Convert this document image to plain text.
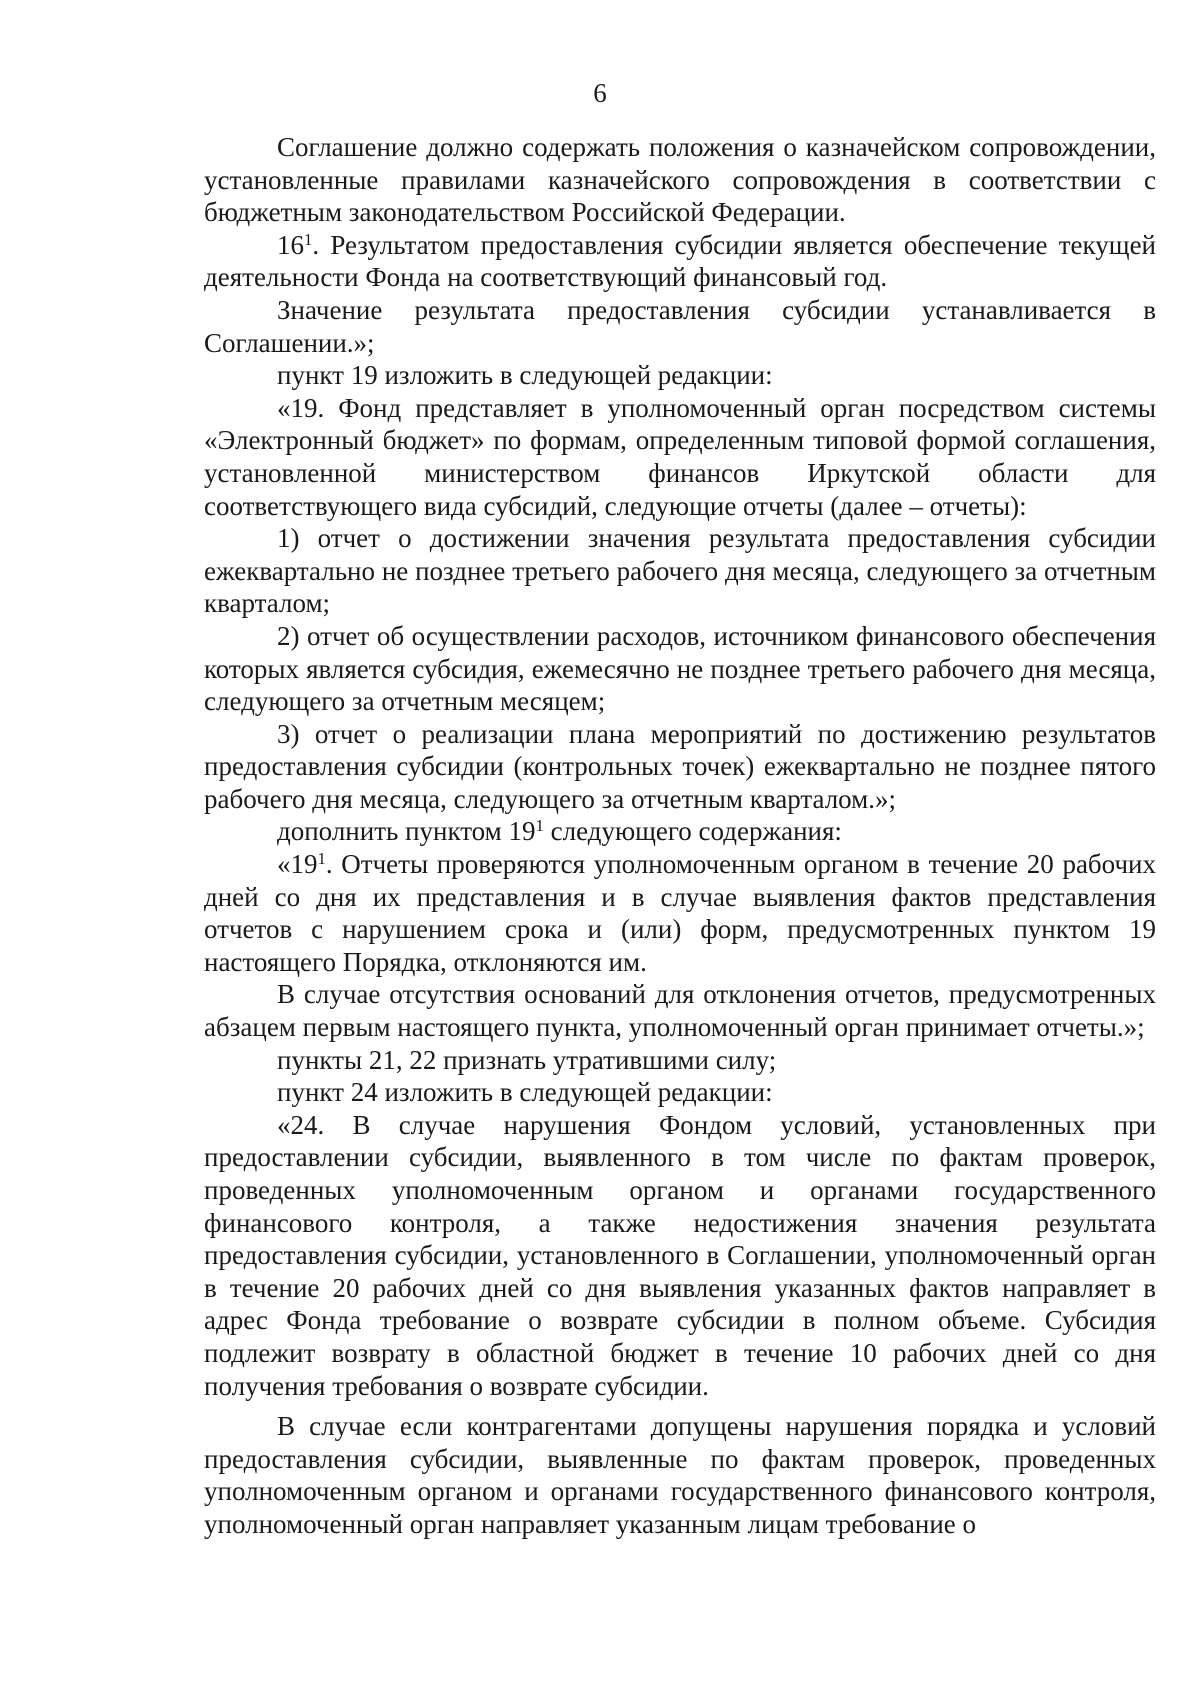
6

Соглашение должно содержать положения о казначейском сопровождении, установленные правилами казначейского сопровождения в соответствии с бюджетным законодательством Российской Федерации.

$16^1$. Результатом предоставления субсидии является обеспечение текущей деятельности Фонда на соответствующий финансовый год.

Значение результата предоставления субсидии устанавливается в Соглашении.»;

пункт 19 изложить в следующей редакции:

«19. Фонд представляет в уполномоченный орган посредством системы «Электронный бюджет» по формам, определенным типовой формой соглашения, установленной министерством финансов Иркутской области для соответствующего вида субсидий, следующие отчеты (далее – отчеты):

1) отчет о достижении значения результата предоставления субсидии ежеквартально не позднее третьего рабочего дня месяца, следующего за отчетным кварталом;

2) отчет об осуществлении расходов, источником финансового обеспечения которых является субсидия, ежемесячно не позднее третьего рабочего дня месяца, следующего за отчетным месяцем;

3) отчет о реализации плана мероприятий по достижению результатов предоставления субсидии (контрольных точек) ежеквартально не позднее пятого рабочего дня месяца, следующего за отчетным кварталом.»;

дополнить пунктом $19^1$ следующего содержания:

«$19^1$. Отчеты проверяются уполномоченным органом в течение 20 рабочих дней со дня их представления и в случае выявления фактов представления отчетов с нарушением срока и (или) форм, предусмотренных пунктом 19 настоящего Порядка, отклоняются им.

В случае отсутствия оснований для отклонения отчетов, предусмотренных абзацем первым настоящего пункта, уполномоченный орган принимает отчеты.»;

пункты 21, 22 признать утратившими силу;

пункт 24 изложить в следующей редакции:

«24. В случае нарушения Фондом условий, установленных при предоставлении субсидии, выявленного в том числе по фактам проверок, проведенных уполномоченным органом и органами государственного финансового контроля, а также недостижения значения результата предоставления субсидии, установленного в Соглашении, уполномоченный орган в течение 20 рабочих дней со дня выявления указанных фактов направляет в адрес Фонда требование о возврате субсидии в полном объеме. Субсидия подлежит возврату в областной бюджет в течение 10 рабочих дней со дня получения требования о возврате субсидии.

В случае если контрагентами допущены нарушения порядка и условий предоставления субсидии, выявленные по фактам проверок, проведенных уполномоченным органом и органами государственного финансового контроля, уполномоченный орган направляет указанным лицам требование о
